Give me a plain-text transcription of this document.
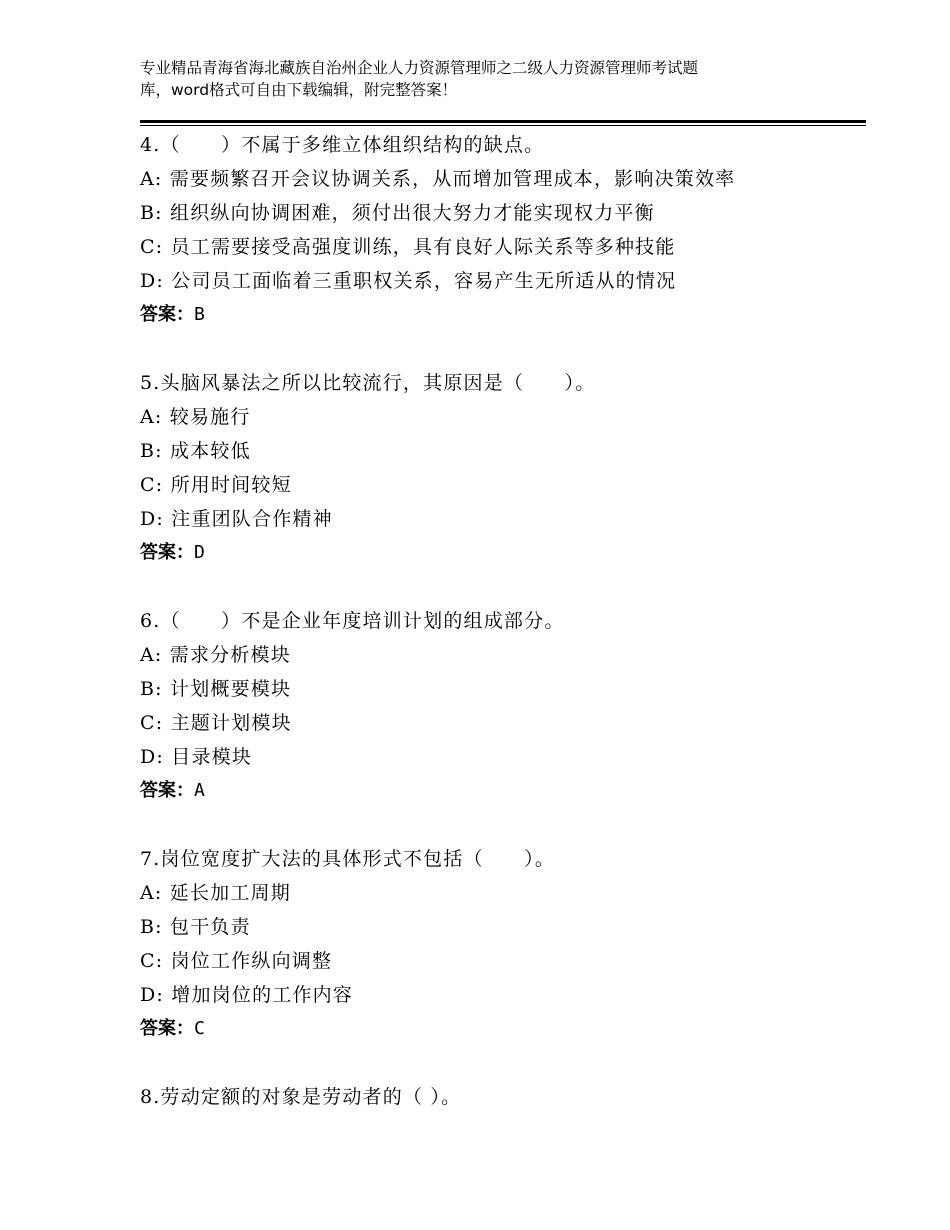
专业精品青海省海北藏族自治州企业人力资源管理师之二级人力资源管理师考试题
库，word格式可自由下载编辑，附完整答案！
4.（　　）不属于多维立体组织结构的缺点。
A: 需要频繁召开会议协调关系，从而增加管理成本，影响决策效率
B: 组织纵向协调困难，须付出很大努力才能实现权力平衡
C: 员工需要接受高强度训练，具有良好人际关系等多种技能
D: 公司员工面临着三重职权关系，容易产生无所适从的情况
答案：B
5.头脑风暴法之所以比较流行，其原因是（　　）。
A: 较易施行
B: 成本较低
C: 所用时间较短
D: 注重团队合作精神
答案：D
6.（　　）不是企业年度培训计划的组成部分。
A: 需求分析模块
B: 计划概要模块
C: 主题计划模块
D: 目录模块
答案：A
7.岗位宽度扩大法的具体形式不包括（　　）。
A: 延长加工周期
B: 包干负责
C: 岗位工作纵向调整
D: 增加岗位的工作内容
答案：C
8.劳动定额的对象是劳动者的（ ）。
